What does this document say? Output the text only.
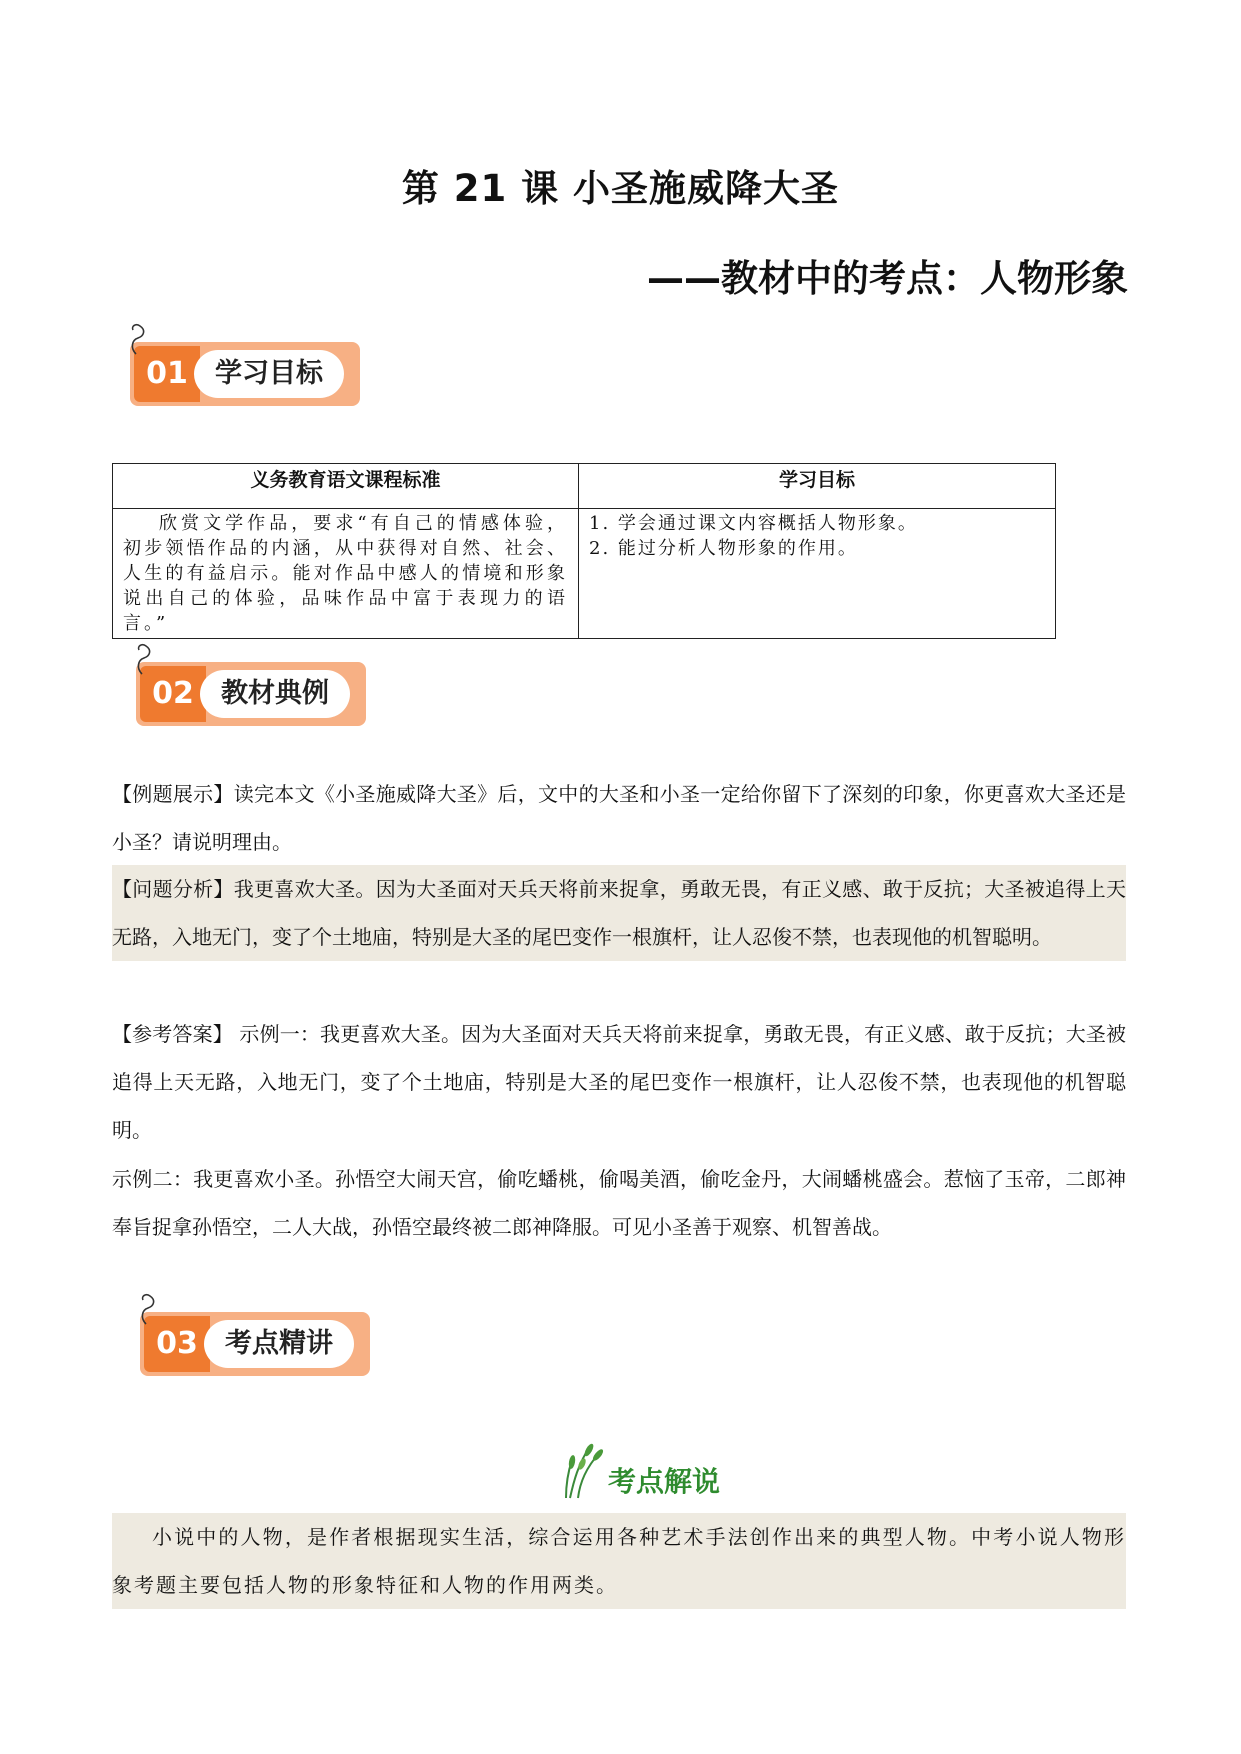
第 21 课 小圣施威降大圣
——教材中的考点：人物形象
01	学习目标
义务教育语文课程标准	学习目标
欣赏文学作品，要求“有自己的情感体验，初步领悟作品的内涵，从中获得对自然、社会、人生的有益启示。能对作品中感人的情境和形象说出自己的体验，品味作品中富于表现力的语言。”	1. 学会通过课文内容概括人物形象。
2. 能过分析人物形象的作用。
02	教材典例
【例题展示】读完本文《小圣施威降大圣》后，文中的大圣和小圣一定给你留下了深刻的印象，你更喜欢大圣还是小圣？请说明理由。
【问题分析】我更喜欢大圣。因为大圣面对天兵天将前来捉拿，勇敢无畏，有正义感、敢于反抗；大圣被追得上天无路，入地无门，变了个土地庙，特别是大圣的尾巴变作一根旗杆，让人忍俊不禁，也表现他的机智聪明。
【参考答案】 示例一：我更喜欢大圣。因为大圣面对天兵天将前来捉拿，勇敢无畏，有正义感、敢于反抗；大圣被追得上天无路，入地无门，变了个土地庙，特别是大圣的尾巴变作一根旗杆，让人忍俊不禁，也表现他的机智聪明。
示例二：我更喜欢小圣。孙悟空大闹天宫，偷吃蟠桃，偷喝美酒，偷吃金丹，大闹蟠桃盛会。惹恼了玉帝，二郎神奉旨捉拿孙悟空，二人大战，孙悟空最终被二郎神降服。可见小圣善于观察、机智善战。
03	考点精讲
考点解说
小说中的人物，是作者根据现实生活，综合运用各种艺术手法创作出来的典型人物。中考小说人物形象考题主要包括人物的形象特征和人物的作用两类。
